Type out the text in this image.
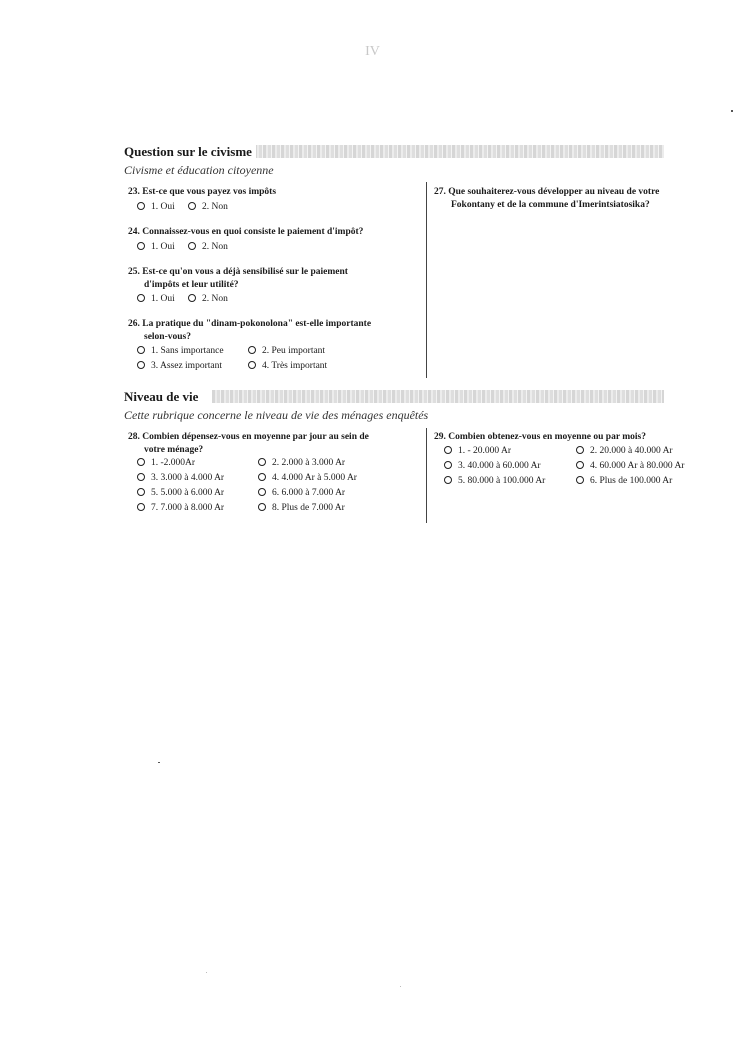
IV
Question sur le civisme
Civisme et éducation citoyenne
23. Est-ce que vous payez vos impôts
1. Oui	2. Non
24. Connaissez-vous en quoi consiste le paiement d'impôt?
1. Oui	2. Non
25. Est-ce qu'on vous a déjà sensibilisé sur le paiement
d'impôts et leur utilité?
1. Oui	2. Non
26. La pratique du "dinam-pokonolona" est-elle importante
selon-vous?
1. Sans importance	2. Peu important
3. Assez important	4. Très important
27. Que souhaiterez-vous développer au niveau de votre
Fokontany et de la commune d'Imerintsiatosika?
Niveau de vie
Cette rubrique concerne le niveau de vie des ménages enquêtés
28. Combien dépensez-vous en moyenne par jour au sein de
votre ménage?
1. -2.000Ar	2. 2.000 à 3.000 Ar
3. 3.000 à 4.000 Ar	4. 4.000 Ar à 5.000 Ar
5. 5.000 à 6.000 Ar	6. 6.000 à 7.000 Ar
7. 7.000 à 8.000 Ar	8. Plus de 7.000 Ar
29. Combien obtenez-vous en moyenne ou par mois?
1. - 20.000 Ar	2. 20.000 à 40.000 Ar
3. 40.000 à 60.000 Ar	4. 60.000 Ar à 80.000 Ar
5. 80.000 à 100.000 Ar	6. Plus de 100.000 Ar
